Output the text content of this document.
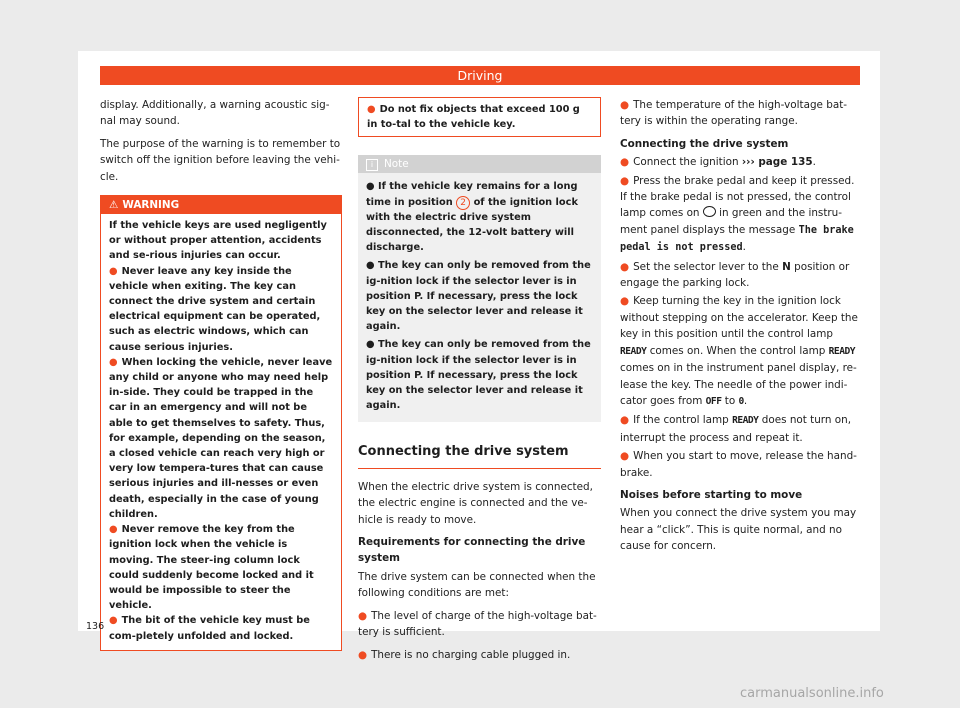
Driving

display. Additionally, a warning acoustic sig-nal may sound.

The purpose of the warning is to remember to switch off the ignition before leaving the vehi-cle.

⚠ WARNING

If the vehicle keys are used negligently or without proper attention, accidents and se-rious injuries can occur.

● Never leave any key inside the vehicle when exiting. The key can connect the drive system and certain electrical equipment can be operated, such as electric windows, which can cause serious injuries.

● When locking the vehicle, never leave any child or anyone who may need help in-side. They could be trapped in the car in an emergency and will not be able to get themselves to safety. Thus, for example, depending on the season, a closed vehicle can reach very high or very low tempera-tures that can cause serious injuries and ill-nesses or even death, especially in the case of young children.

● Never remove the key from the ignition lock when the vehicle is moving. The steer-ing column lock could suddenly become locked and it would be impossible to steer the vehicle.

● The bit of the vehicle key must be com-pletely unfolded and locked.

● Do not fix objects that exceed 100 g in to-tal to the vehicle key.
i Note

● If the vehicle key remains for a long time in position 2 of the ignition lock with the electric drive system disconnected, the 12-volt battery will discharge.

● The key can only be removed from the ig-nition lock if the selector lever is in position P. If necessary, press the lock key on the selector lever and release it again.

● The key can only be removed from the ig-nition lock if the selector lever is in position P. If necessary, press the lock key on the selector lever and release it again.

Connecting the drive system

When the electric drive system is connected, the electric engine is connected and the ve-hicle is ready to move.

Requirements for connecting the drive system

The drive system can be connected when the following conditions are met:

● The level of charge of the high-voltage bat-tery is sufficient.

● There is no charging cable plugged in.

● The temperature of the high-voltage bat-tery is within the operating range.

Connecting the drive system

● Connect the ignition ››› page 135.

● Press the brake pedal and keep it pressed. If the brake pedal is not pressed, the control lamp comes on in green and the instru-ment panel displays the message The brake pedal is not pressed.

● Set the selector lever to the N position or engage the parking lock.

● Keep turning the key in the ignition lock without stepping on the accelerator. Keep the key in this position until the control lamp READY comes on. When the control lamp READY comes on in the instrument panel display, re-lease the key. The needle of the power indi-cator goes from OFF to 0.

● If the control lamp READY does not turn on, interrupt the process and repeat it.

● When you start to move, release the hand-brake.

Noises before starting to move

When you connect the drive system you may hear a “click”. This is quite normal, and no cause for concern.

136
carmanualsonline.info
